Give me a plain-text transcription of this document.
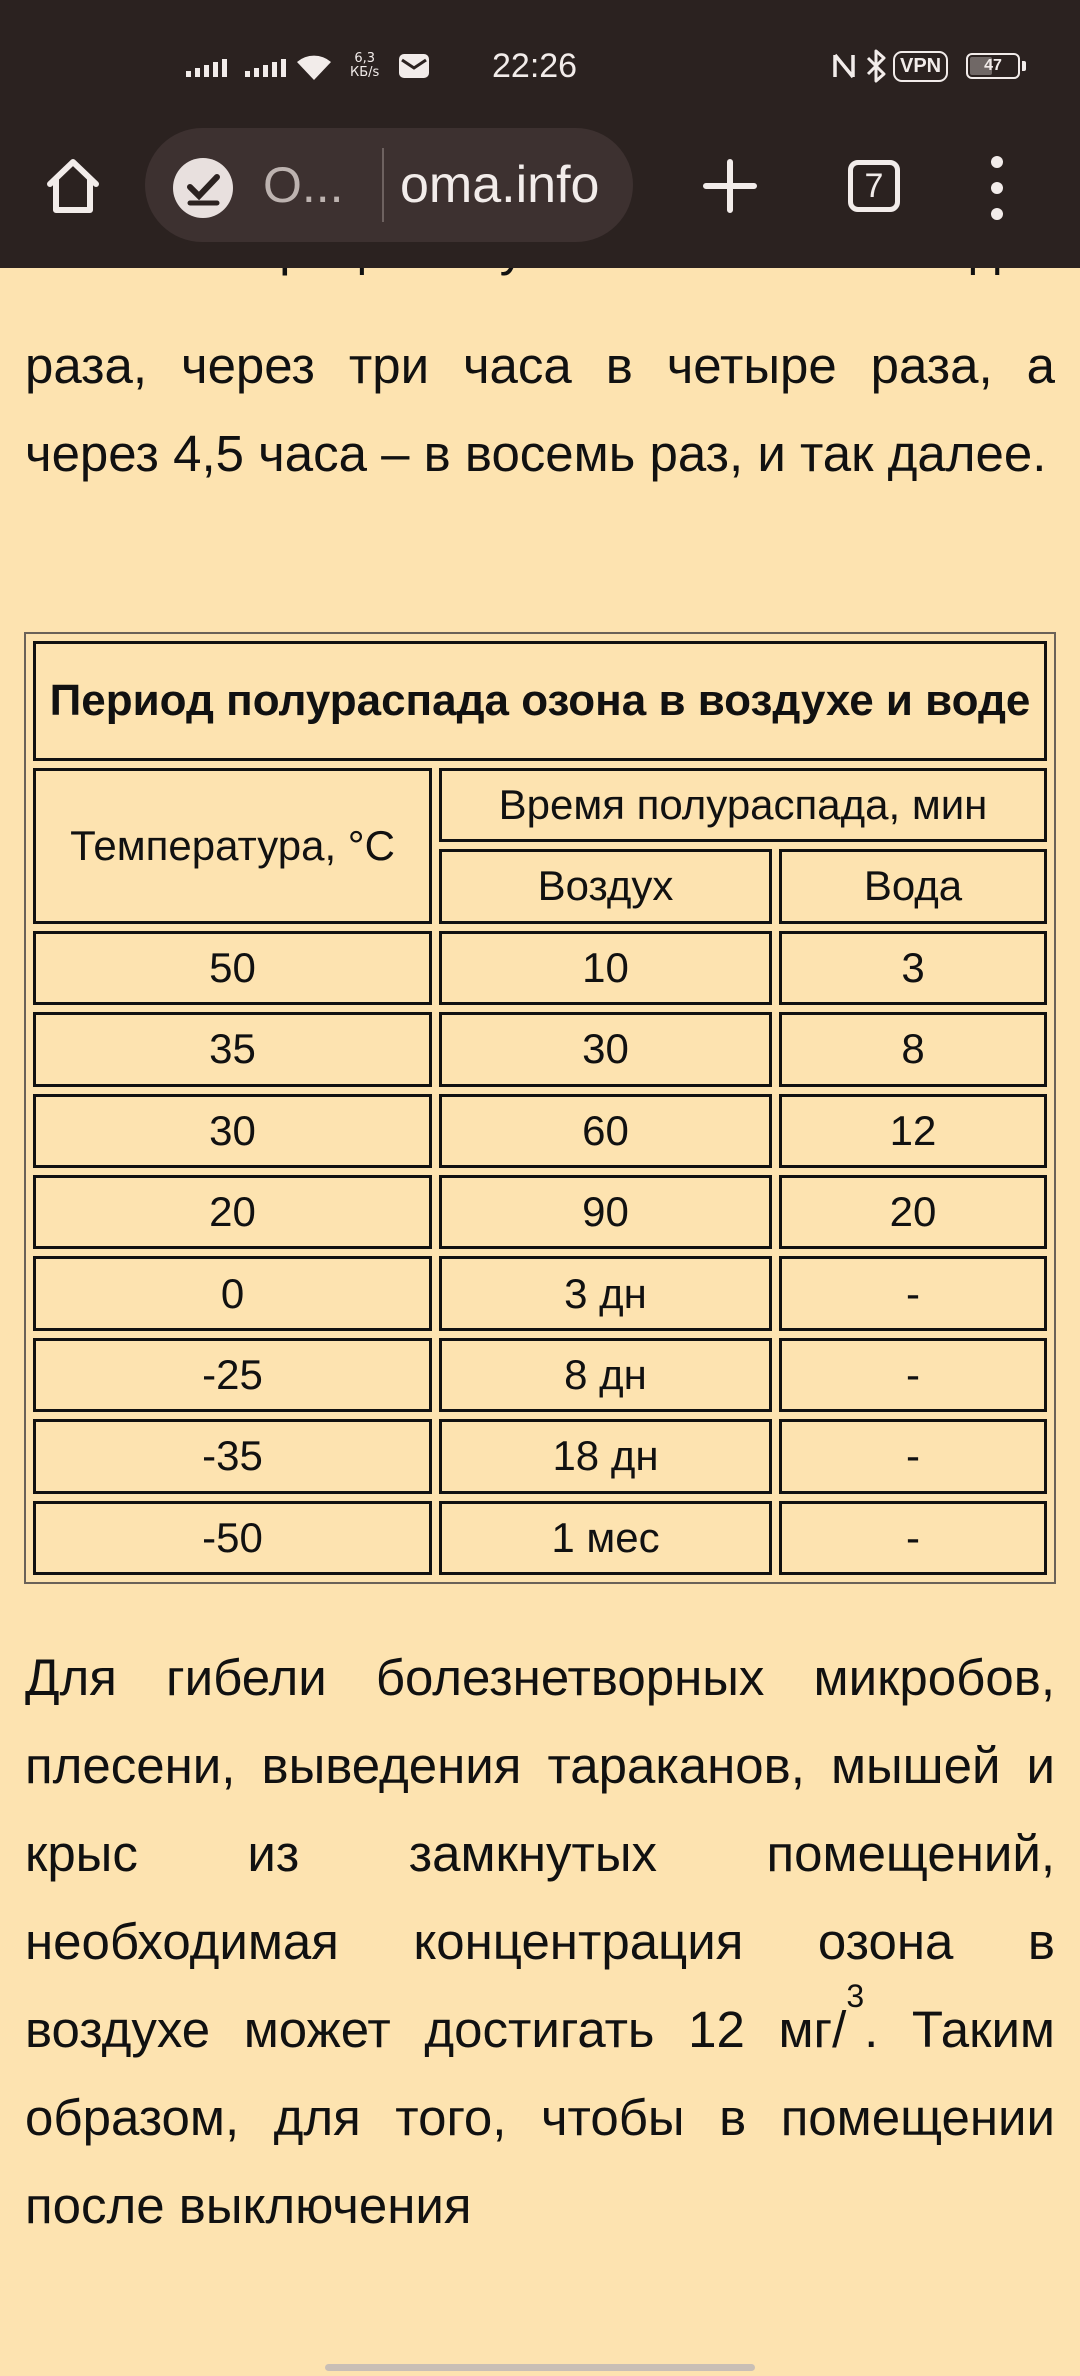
6,3
КБ/s	22:26	VPN	47
О... oma.info	7

раза, через три часа в четыре раза, а через 4,5 часа – в восемь раз, и так далее.

Период полураспада озона в воздухе и воде		
Температура, °С	Время полураспада, мин	
	Воздух	Вода
50	10	3
35	30	8
30	60	12
20	90	20
0	3 дн	-
-25	8 дн	-
-35	18 дн	-
-50	1 мес	-

Для гибели болезнетворных микробов, плесени, выведения тараканов, мышей и крыс из замкнутых помещений, необходимая концентрация озона в воздухе может достигать 12 мг/$^3$. Таким образом, для того, чтобы в помещении после выключения
